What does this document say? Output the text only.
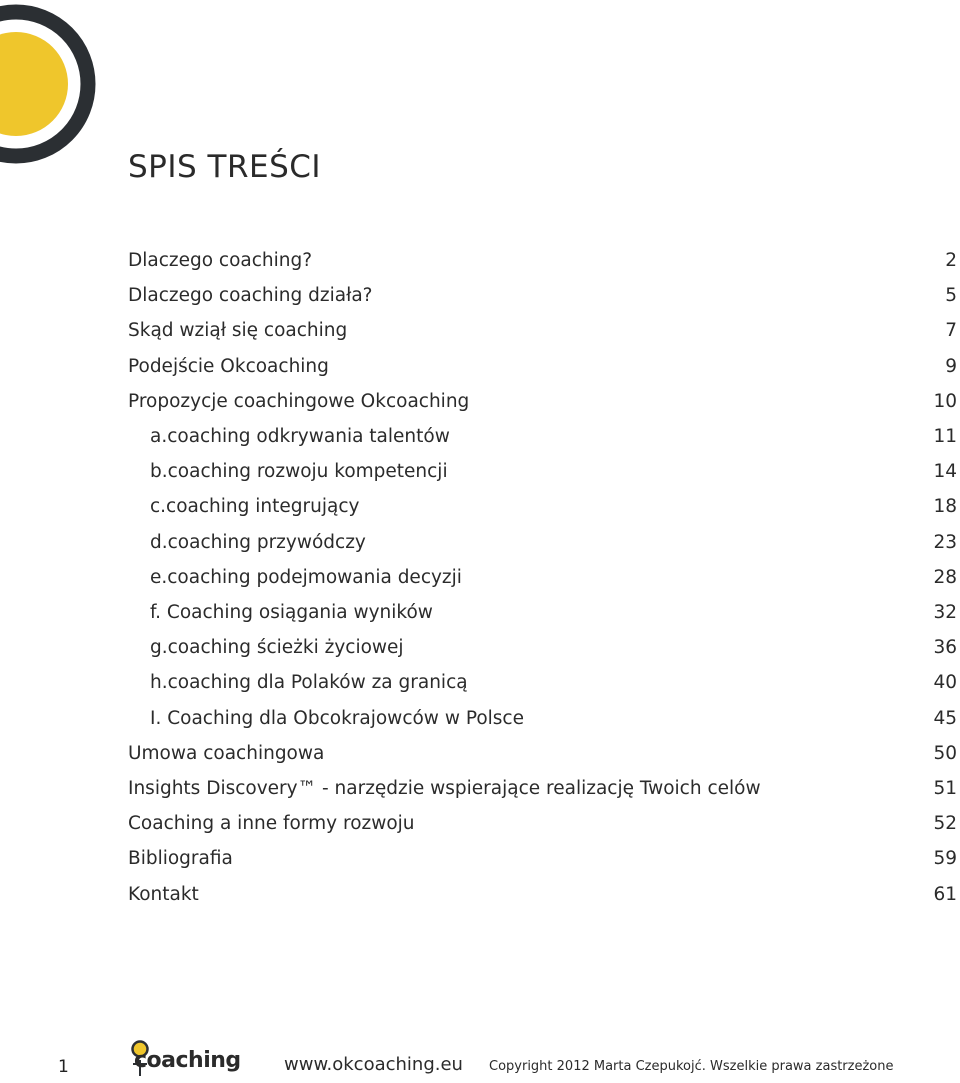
SPIS TREŚCI
Dlaczego coaching?	2
Dlaczego coaching działa?	5
Skąd wziął się coaching	7
Podejście Okcoaching	9
Propozycje coachingowe Okcoaching	10
a.coaching odkrywania talentów	11
b.coaching rozwoju kompetencji	14
c.coaching integrujący	18
d.coaching przywódczy	23
e.coaching podejmowania decyzji	28
f. Coaching osiągania wyników	32
g.coaching ścieżki życiowej	36
h.coaching dla Polaków za granicą	40
I. Coaching dla Obcokrajowców w Polsce	45
Umowa coachingowa	50
Insights Discovery™ - narzędzie wspierające realizację Twoich celów	51
Coaching a inne formy rozwoju	52
Bibliografia	59
Kontakt	61
1	coaching www.okcoaching.eu Copyright 2012 Marta Czepukojć. Wszelkie prawa zastrzeżone
